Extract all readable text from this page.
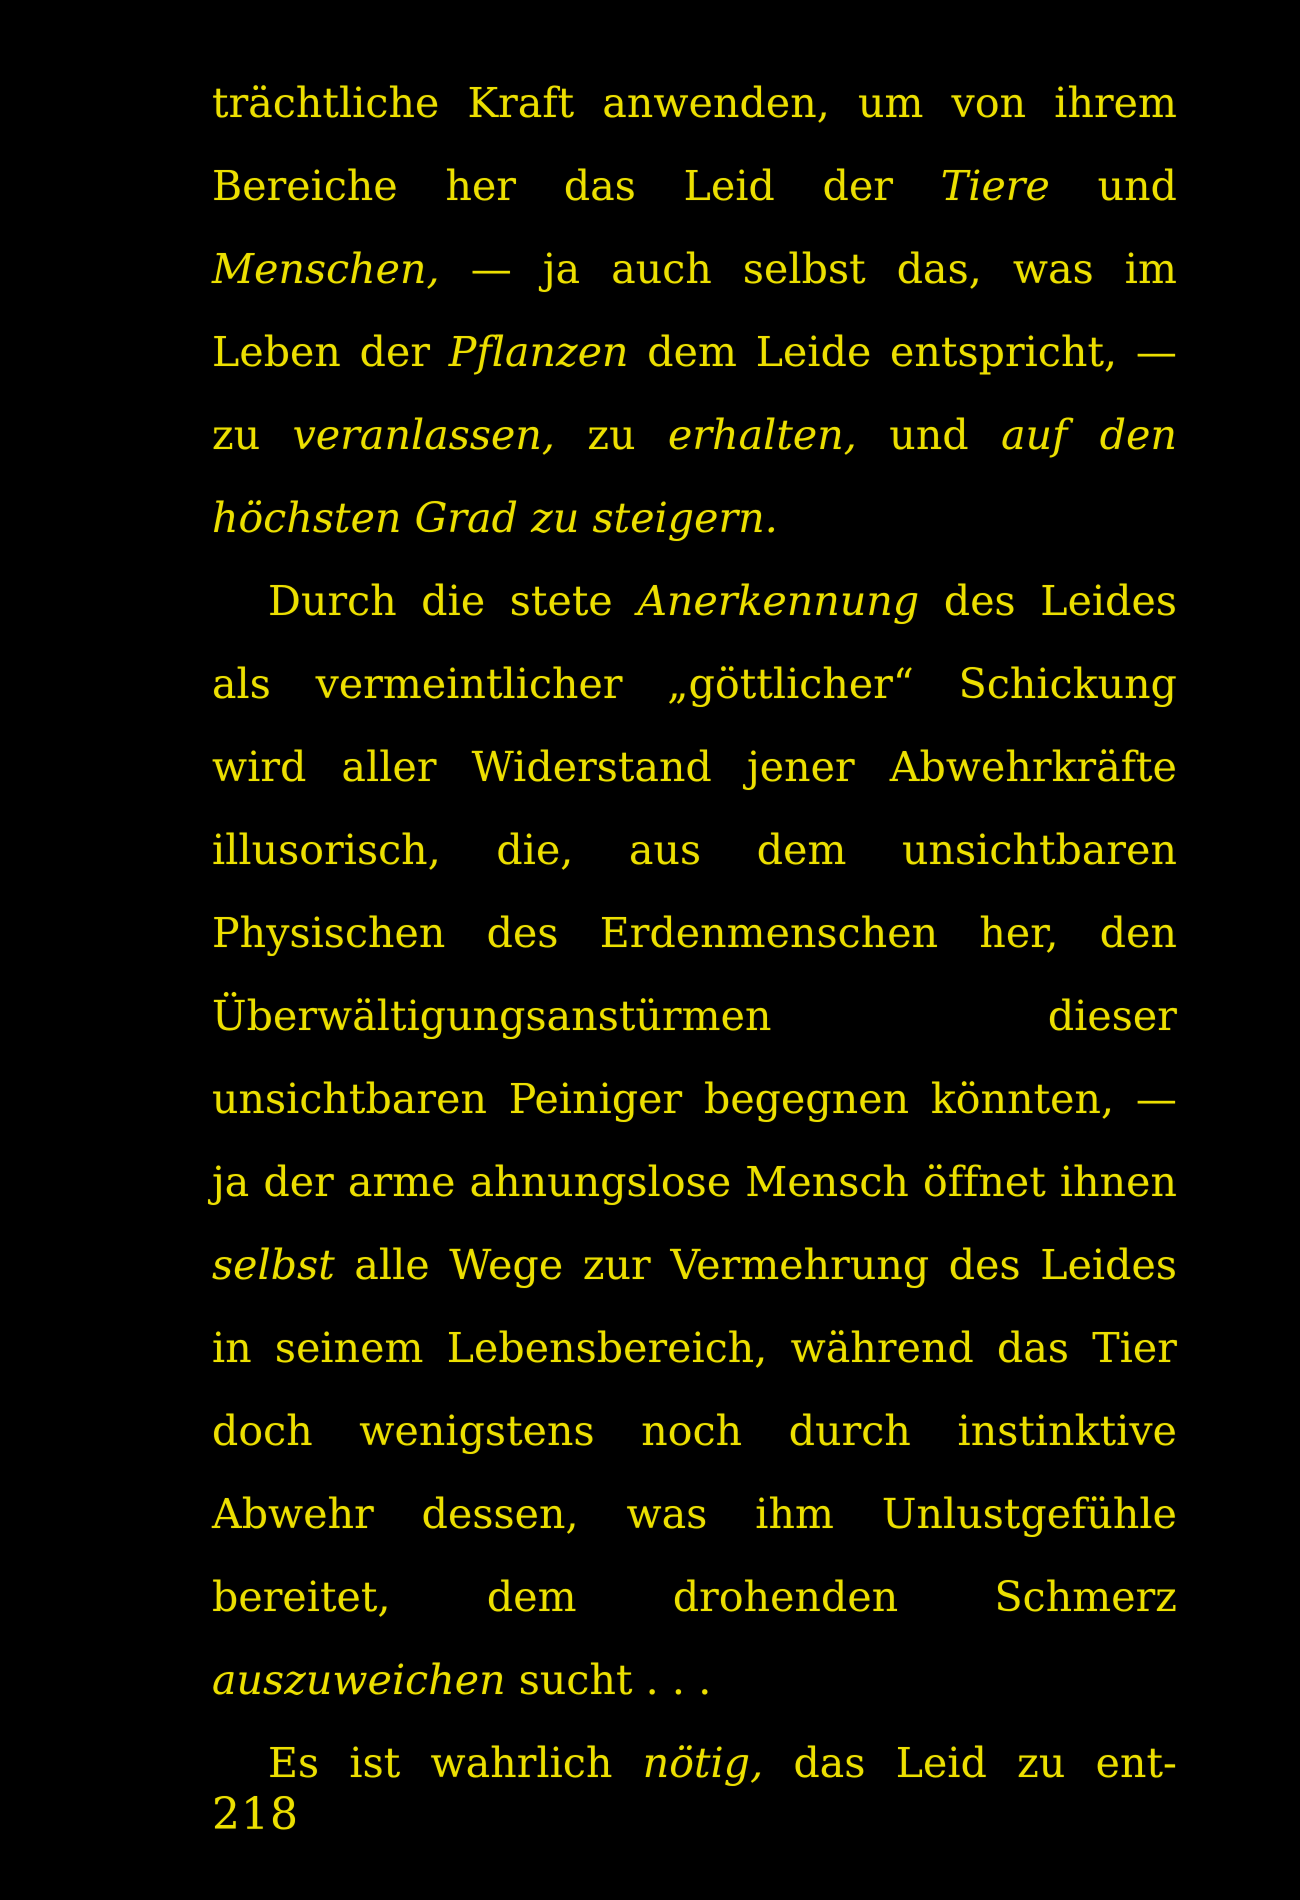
trächtliche Kraft anwenden, um von ihrem Bereiche her das Leid der Tiere und Menschen, — ja auch selbst das, was im Leben der Pflanzen dem Leide entspricht, — zu veranlassen, zu erhalten, und auf den höchsten Grad zu steigern.

Durch die stete Anerkennung des Leides als vermeintlicher „göttlicher“ Schickung wird aller Widerstand jener Abwehrkräfte illusorisch, die, aus dem unsichtbaren Physischen des Erdenmenschen her, den Überwältigungsanstürmen dieser unsichtbaren Peiniger begegnen könnten, — ja der arme ahnungslose Mensch öffnet ihnen selbst alle Wege zur Vermehrung des Leides in seinem Lebensbereich, während das Tier doch wenigstens noch durch instinktive Abwehr dessen, was ihm Unlustgefühle bereitet, dem drohenden Schmerz auszuweichen sucht . . .

Es ist wahrlich nötig, das Leid zu ent-

218
